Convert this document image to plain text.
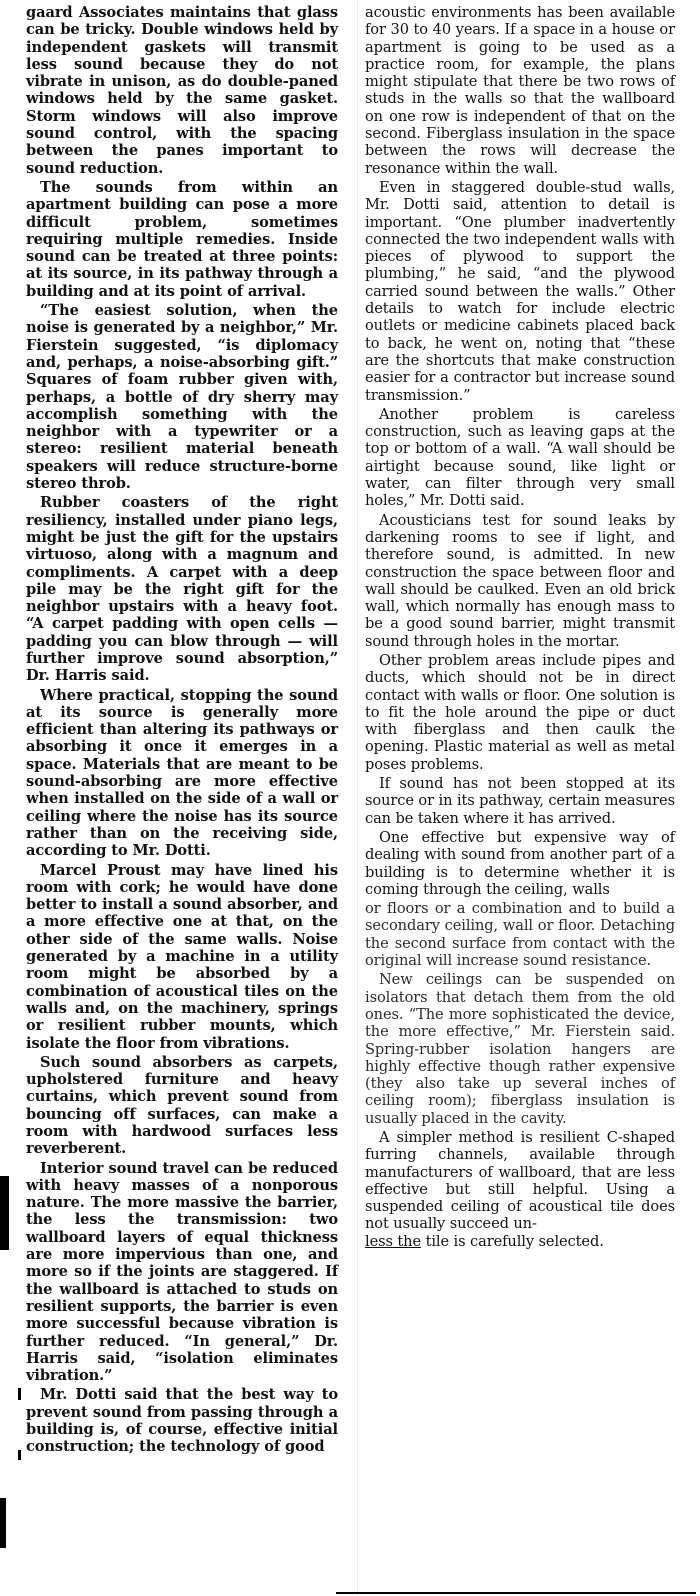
gaard Associates maintains that glass can be tricky. Double windows held by independent gaskets will transmit less sound because they do not vibrate in unison, as do double-paned windows held by the same gasket. Storm windows will also improve sound control, with the spacing between the panes important to sound reduction.

The sounds from within an apartment building can pose a more difficult problem, sometimes requiring multiple remedies. Inside sound can be treated at three points: at its source, in its pathway through a building and at its point of arrival.

“The easiest solution, when the noise is generated by a neighbor,” Mr. Fierstein suggested, “is diplomacy and, perhaps, a noise-absorbing gift.” Squares of foam rubber given with, perhaps, a bottle of dry sherry may accomplish something with the neighbor with a typewriter or a stereo: resilient material beneath speakers will reduce structure-borne stereo throb.

Rubber coasters of the right resiliency, installed under piano legs, might be just the gift for the upstairs virtuoso, along with a magnum and compliments. A carpet with a deep pile may be the right gift for the neighbor upstairs with a heavy foot. “A carpet padding with open cells — padding you can blow through — will further improve sound absorption,” Dr. Harris said.

Where practical, stopping the sound at its source is generally more efficient than altering its pathways or absorbing it once it emerges in a space. Materials that are meant to be sound-absorbing are more effective when installed on the side of a wall or ceiling where the noise has its source rather than on the receiving side, according to Mr. Dotti.

Marcel Proust may have lined his room with cork; he would have done better to install a sound absorber, and a more effective one at that, on the other side of the same walls. Noise generated by a machine in a utility room might be absorbed by a combination of acoustical tiles on the walls and, on the machinery, springs or resilient rubber mounts, which isolate the floor from vibrations.

Such sound absorbers as carpets, upholstered furniture and heavy curtains, which prevent sound from bouncing off surfaces, can make a room with hardwood surfaces less reverberent.

Interior sound travel can be reduced with heavy masses of a nonporous nature. The more massive the barrier, the less the transmission: two wallboard layers of equal thickness are more impervious than one, and more so if the joints are staggered. If the wallboard is attached to studs on resilient supports, the barrier is even more successful because vibration is further reduced. “In general,” Dr. Harris said, “isolation eliminates vibration.”

Mr. Dotti said that the best way to prevent sound from passing through a building is, of course, effective initial construction; the technology of good

acoustic environments has been available for 30 to 40 years. If a space in a house or apartment is going to be used as a practice room, for example, the plans might stipulate that there be two rows of studs in the walls so that the wallboard on one row is independent of that on the second. Fiberglass insulation in the space between the rows will decrease the resonance within the wall.

Even in staggered double-stud walls, Mr. Dotti said, attention to detail is important. “One plumber inadvertently connected the two independent walls with pieces of plywood to support the plumbing,” he said, “and the plywood carried sound between the walls.” Other details to watch for include electric outlets or medicine cabinets placed back to back, he went on, noting that “these are the shortcuts that make construction easier for a contractor but increase sound transmission.”

Another problem is careless construction, such as leaving gaps at the top or bottom of a wall. “A wall should be airtight because sound, like light or water, can filter through very small holes,” Mr. Dotti said.

Acousticians test for sound leaks by darkening rooms to see if light, and therefore sound, is admitted. In new construction the space between floor and wall should be caulked. Even an old brick wall, which normally has enough mass to be a good sound barrier, might transmit sound through holes in the mortar.

Other problem areas include pipes and ducts, which should not be in direct contact with walls or floor. One solution is to fit the hole around the pipe or duct with fiberglass and then caulk the opening. Plastic material as well as metal poses problems.

If sound has not been stopped at its source or in its pathway, certain measures can be taken where it has arrived.

One effective but expensive way of dealing with sound from another part of a building is to determine whether it is coming through the ceiling, walls

or floors or a combination and to build a secondary ceiling, wall or floor. Detaching the second surface from contact with the original will increase sound resistance.

New ceilings can be suspended on isolators that detach them from the old ones. “The more sophisticated the device, the more effective,” Mr. Fierstein said. Spring-rubber isolation hangers are highly effective though rather expensive (they also take up several inches of ceiling room); fiberglass insulation is usually placed in the cavity.

A simpler method is resilient C-shaped furring channels, available through manufacturers of wallboard, that are less effective but still helpful. Using a suspended ceiling of acoustical tile does not usually succeed un-
less the tile is carefully selected.
